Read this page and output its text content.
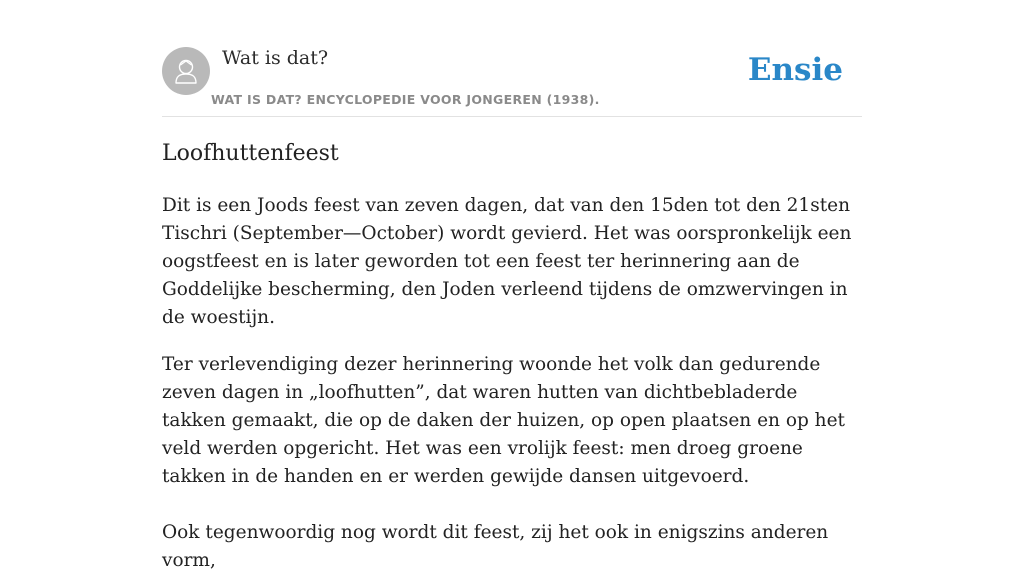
Wat is dat?
WAT IS DAT? ENCYCLOPEDIE VOOR JONGEREN (1938).
Ensie
Loofhuttenfeest

Dit is een Joods feest van zeven dagen, dat van den 15den tot den 21sten Tischri (September—October) wordt gevierd. Het was oorspronkelijk een oogstfeest en is later geworden tot een feest ter herinnering aan de Goddelijke bescherming, den Joden verleend tijdens de omzwervingen in de woestijn.

Ter verlevendiging dezer herinnering woonde het volk dan gedurende zeven dagen in „loofhutten”, dat waren hutten van dichtbebladerde takken gemaakt, die op de daken der huizen, op open plaatsen en op het veld werden opgericht. Het was een vrolijk feest: men droeg groene takken in de handen en er werden gewijde dansen uitgevoerd.

Ook tegenwoordig nog wordt dit feest, zij het ook in enigszins anderen vorm,
